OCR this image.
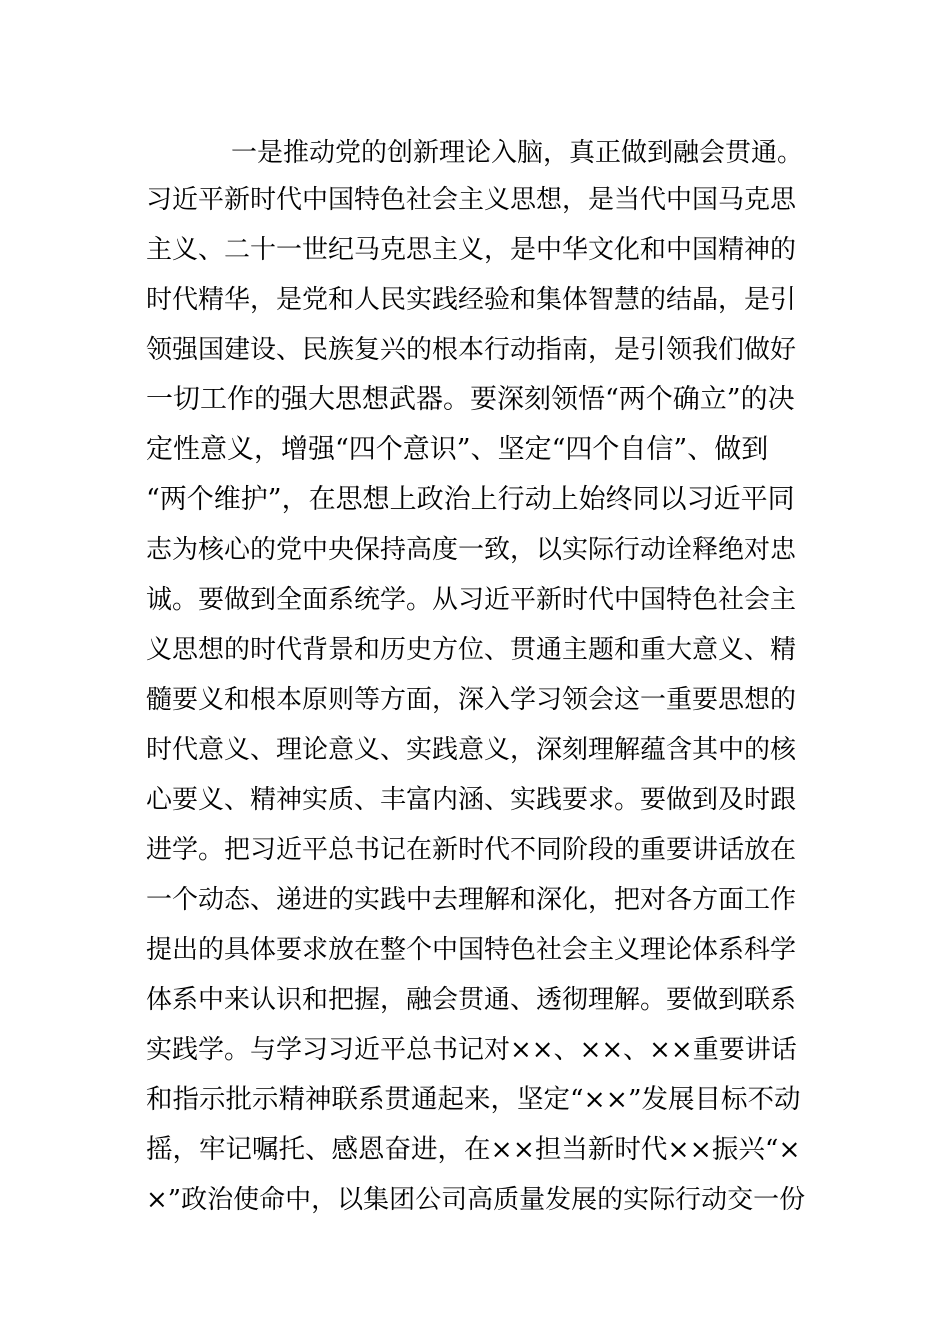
一是推动党的创新理论入脑，真正做到融会贯通。
习近平新时代中国特色社会主义思想，是当代中国马克思
主义、二十一世纪马克思主义，是中华文化和中国精神的
时代精华，是党和人民实践经验和集体智慧的结晶，是引
领强国建设、民族复兴的根本行动指南，是引领我们做好
一切工作的强大思想武器。要深刻领悟“两个确立”的决
定性意义，增强“四个意识”、坚定“四个自信”、做到
“两个维护”，在思想上政治上行动上始终同以习近平同
志为核心的党中央保持高度一致，以实际行动诠释绝对忠
诚。要做到全面系统学。从习近平新时代中国特色社会主
义思想的时代背景和历史方位、贯通主题和重大意义、精
髓要义和根本原则等方面，深入学习领会这一重要思想的
时代意义、理论意义、实践意义，深刻理解蕴含其中的核
心要义、精神实质、丰富内涵、实践要求。要做到及时跟
进学。把习近平总书记在新时代不同阶段的重要讲话放在
一个动态、递进的实践中去理解和深化，把对各方面工作
提出的具体要求放在整个中国特色社会主义理论体系科学
体系中来认识和把握，融会贯通、透彻理解。要做到联系
实践学。与学习习近平总书记对××、××、××重要讲话
和指示批示精神联系贯通起来，坚定“××”发展目标不动
摇，牢记嘱托、感恩奋进，在××担当新时代××振兴“×
×”政治使命中，以集团公司高质量发展的实际行动交一份
